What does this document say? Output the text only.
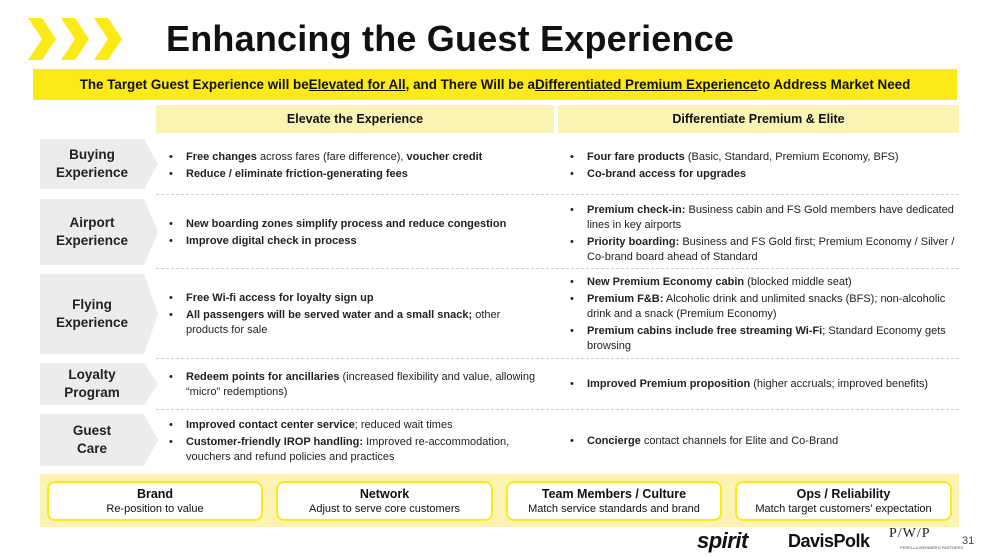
Enhancing the Guest Experience
The Target Guest Experience will be Elevated for All , and There Will be a Differentiated Premium Experience to Address Market Need
Elevate the Experience	Differentiate Premium & Elite
Buying
Experience
• Free changes across fares (fare difference), voucher credit
• Reduce / eliminate friction-generating fees
• Four fare products (Basic, Standard, Premium Economy, BFS)
• Co-brand access for upgrades
Airport
Experience
• New boarding zones simplify process and reduce congestion
• Improve digital check in process
• Premium check-in: Business cabin and FS Gold members have dedicated lines in key airports
• Priority boarding: Business and FS Gold first; Premium Economy / Silver / Co-brand board ahead of Standard
Flying
Experience
• Free Wi-fi access for loyalty sign up
• All passengers will be served water and a small snack; other products for sale
• New Premium Economy cabin (blocked middle seat)
• Premium F&B: Alcoholic drink and unlimited snacks (BFS); non-alcoholic drink and a snack (Premium Economy)
• Premium cabins include free streaming Wi-Fi; Standard Economy gets browsing
Loyalty
Program
• Redeem points for ancillaries (increased flexibility and value, allowing “micro” redemptions)
• Improved Premium proposition (higher accruals; improved benefits)
Guest
Care
• Improved contact center service; reduced wait times
• Customer-friendly IROP handling: Improved re-accommodation, vouchers and refund policies and practices
• Concierge contact channels for Elite and Co-Brand
Brand
Re-position to value
Network
Adjust to serve core customers
Team Members / Culture
Match service standards and brand
Ops / Reliability
Match target customers’ expectation
spirit DavisPolk P/W/P
PERELLA WEINBERG PARTNERS
31
